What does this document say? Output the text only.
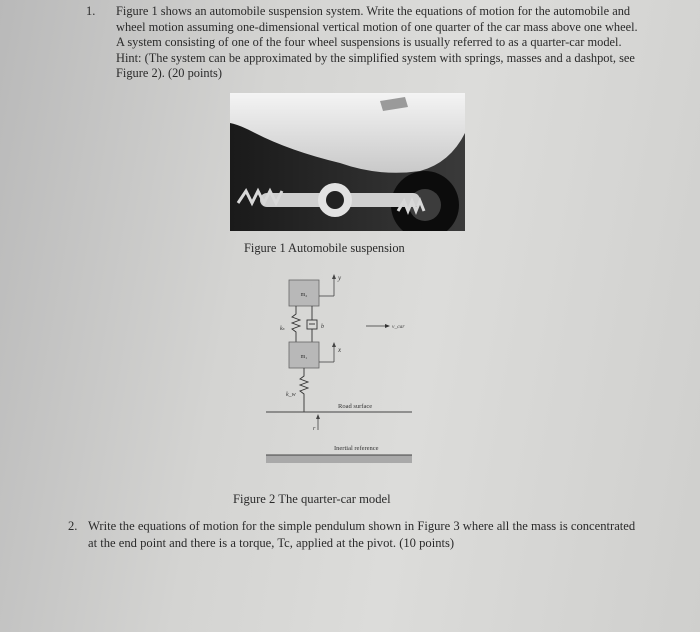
1. Figure 1 shows an automobile suspension system. Write the equations of motion for the automobile and wheel motion assuming one-dimensional vertical motion of one quarter of the car mass above one wheel. A system consisting of one of the four wheel suspensions is usually referred to as a quarter-car model. Hint: (The system can be approximated by the simplified system with springs, masses and a dashpot, see Figure 2). (20 points)
Figure 1 Automobile suspension
m₂
y
kₛ	b	v_car
m₁
x
k_w
Road surface
r
Inertial reference
Figure 2 The quarter-car model
2. Write the equations of motion for the simple pendulum shown in Figure 3 where all the mass is concentrated at the end point and there is a torque, Tc, applied at the pivot. (10 points)
